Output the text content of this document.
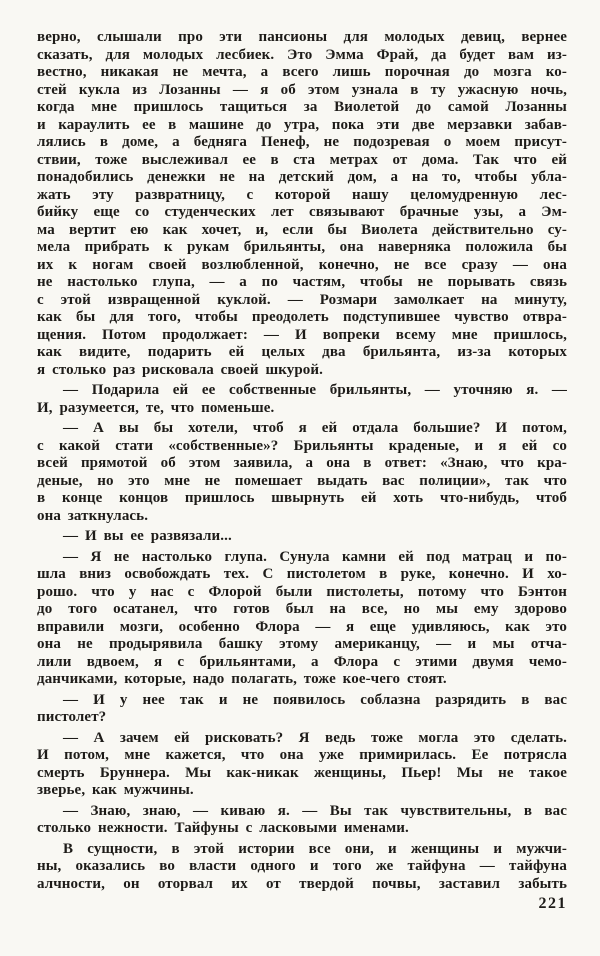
верно, слышали про эти пансионы для молодых девиц, вернее
сказать, для молодых лесбиек. Это Эмма Фрай, да будет вам из-
вестно, никакая не мечта, а всего лишь порочная до мозга ко-
стей кукла из Лозанны — я об этом узнала в ту ужасную ночь,
когда мне пришлось тащиться за Виолетой до самой Лозанны
и караулить ее в машине до утра, пока эти две мерзавки забав-
лялись в доме, а бедняга Пенеф, не подозревая о моем присут-
ствии, тоже выслеживал ее в ста метрах от дома. Так что ей
понадобились денежки не на детский дом, а на то, чтобы убла-
жать эту развратницу, с которой нашу целомудренную лес-
бийку еще со студенческих лет связывают брачные узы, а Эм-
ма вертит ею как хочет, и, если бы Виолета действительно су-
мела прибрать к рукам брильянты, она наверняка положила бы
их к ногам своей возлюбленной, конечно, не все сразу — она
не настолько глупа, — а по частям, чтобы не порывать связь
с этой извращенной куклой. — Розмари замолкает на минуту,
как бы для того, чтобы преодолеть подступившее чувство отвра-
щения. Потом продолжает: — И вопреки всему мне пришлось,
как видите, подарить ей целых два брильянта, из-за которых
я столько раз рисковала своей шкурой.
— Подарила ей ее собственные брильянты, — уточняю я. —
И, разумеется, те, что поменьше.
— А вы бы хотели, чтоб я ей отдала большие? И потом,
с какой стати «собственные»? Брильянты краденые, и я ей со
всей прямотой об этом заявила, а она в ответ: «Знаю, что кра-
деные, но это мне не помешает выдать вас полиции», так что
в конце концов пришлось швырнуть ей хоть что-нибудь, чтоб
она заткнулась.
— И вы ее развязали...
— Я не настолько глупа. Сунула камни ей под матрац и по-
шла вниз освобождать тех. С пистолетом в руке, конечно. И хо-
рошо. что у нас с Флорой были пистолеты, потому что Бэнтон
до того осатанел, что готов был на все, но мы ему здорово
вправили мозги, особенно Флора — я еще удивляюсь, как это
она не продырявила башку этому американцу, — и мы отча-
лили вдвоем, я с брильянтами, а Флора с этими двумя чемо-
данчиками, которые, надо полагать, тоже кое-чего стоят.
— И у нее так и не появилось соблазна разрядить в вас
пистолет?
— А зачем ей рисковать? Я ведь тоже могла это сделать.
И потом, мне кажется, что она уже примирилась. Ее потрясла
смерть Бруннера. Мы как-никак женщины, Пьер! Мы не такое
зверье, как мужчины.
— Знаю, знаю, — киваю я. — Вы так чувствительны, в вас
столько нежности. Тайфуны с ласковыми именами.
В сущности, в этой истории все они, и женщины и мужчи-
ны, оказались во власти одного и того же тайфуна — тайфуна
алчности, он оторвал их от твердой почвы, заставил забыть
221
